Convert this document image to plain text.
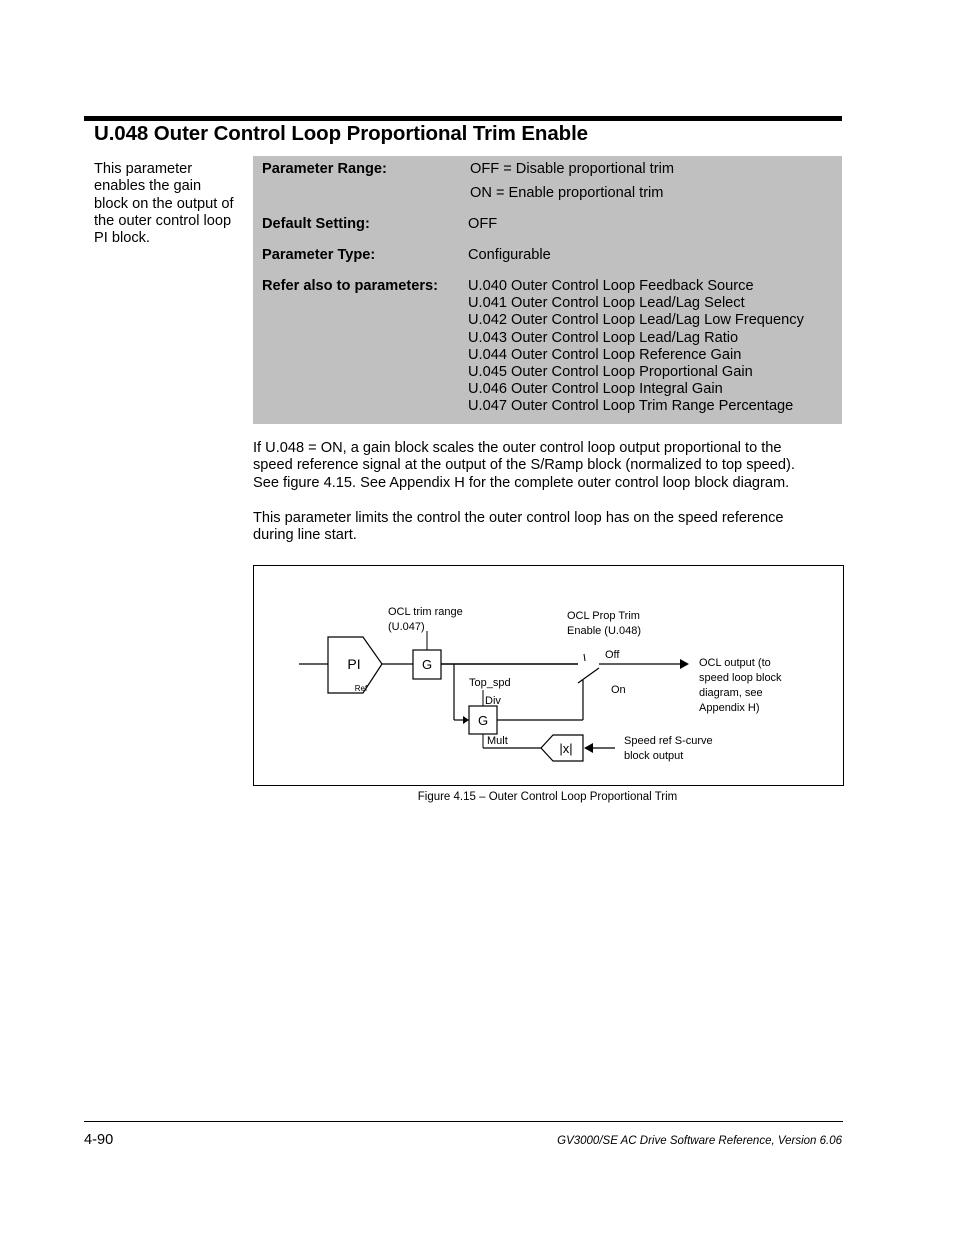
U.048 Outer Control Loop Proportional Trim Enable
This parameter
enables the gain
block on the output of
the outer control loop
PI block.
Parameter Range:	OFF = Disable proportional trim
ON = Enable proportional trim
Default Setting:	OFF
Parameter Type:	Configurable
Refer also to parameters: U.040 Outer Control Loop Feedback Source
U.041 Outer Control Loop Lead/Lag Select
U.042 Outer Control Loop Lead/Lag Low Frequency
U.043 Outer Control Loop Lead/Lag Ratio
U.044 Outer Control Loop Reference Gain
U.045 Outer Control Loop Proportional Gain
U.046 Outer Control Loop Integral Gain
U.047 Outer Control Loop Trim Range Percentage
If U.048 = ON, a gain block scales the outer control loop output proportional to the
speed reference signal at the output of the S/Ramp block (normalized to top speed).
See figure 4.15. See Appendix H for the complete outer control loop block diagram.
This parameter limits the control the outer control loop has on the speed reference
during line start.
PI
Ref
G
OCL trim range
(U.047)
G
Top_spd
Div
Mult
OCL Prop Trim
Enable (U.048)
Off
On
OCL output (to
speed loop block
diagram, see
Appendix H)
|x|	Speed ref S-curve
block output
Figure 4.15 – Outer Control Loop Proportional Trim
4-90	GV3000/SE AC Drive Software Reference, Version 6.06
